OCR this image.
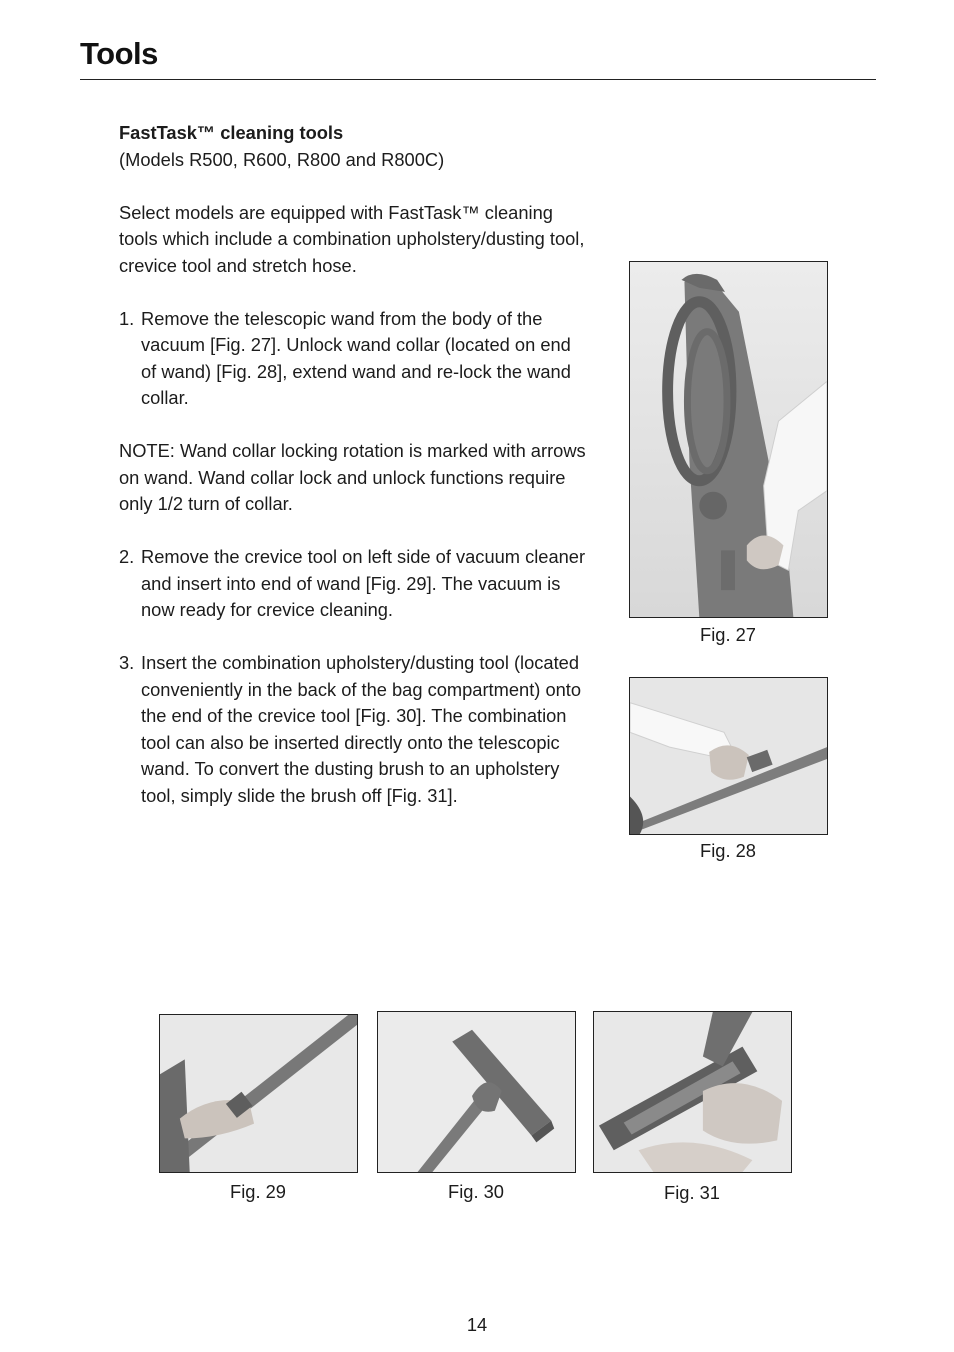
Tools

FastTask™ cleaning tools
(Models R500, R600, R800 and R800C)

Select models are equipped with FastTask™ cleaning tools which include a combination upholstery/dusting tool, crevice tool and stretch hose.

1. Remove the telescopic wand from the body of the vacuum [Fig. 27]. Unlock wand collar (located on end of wand) [Fig. 28], extend wand and re-lock the wand collar.

NOTE: Wand collar locking rotation is marked with arrows on wand. Wand collar lock and unlock functions require only 1/2 turn of collar.

2. Remove the crevice tool on left side of vacuum cleaner and insert into end of wand [Fig. 29]. The vacuum is now ready for crevice cleaning.
3. Insert the combination upholstery/dusting tool (located conveniently in the back of the bag compartment) onto the end of the crevice tool [Fig. 30]. The combination tool can also be inserted directly onto the telescopic wand. To convert the dusting brush to an upholstery tool, simply slide the brush off [Fig. 31].
Fig. 27
Fig. 28
Fig. 29	Fig. 30	Fig. 31
14
